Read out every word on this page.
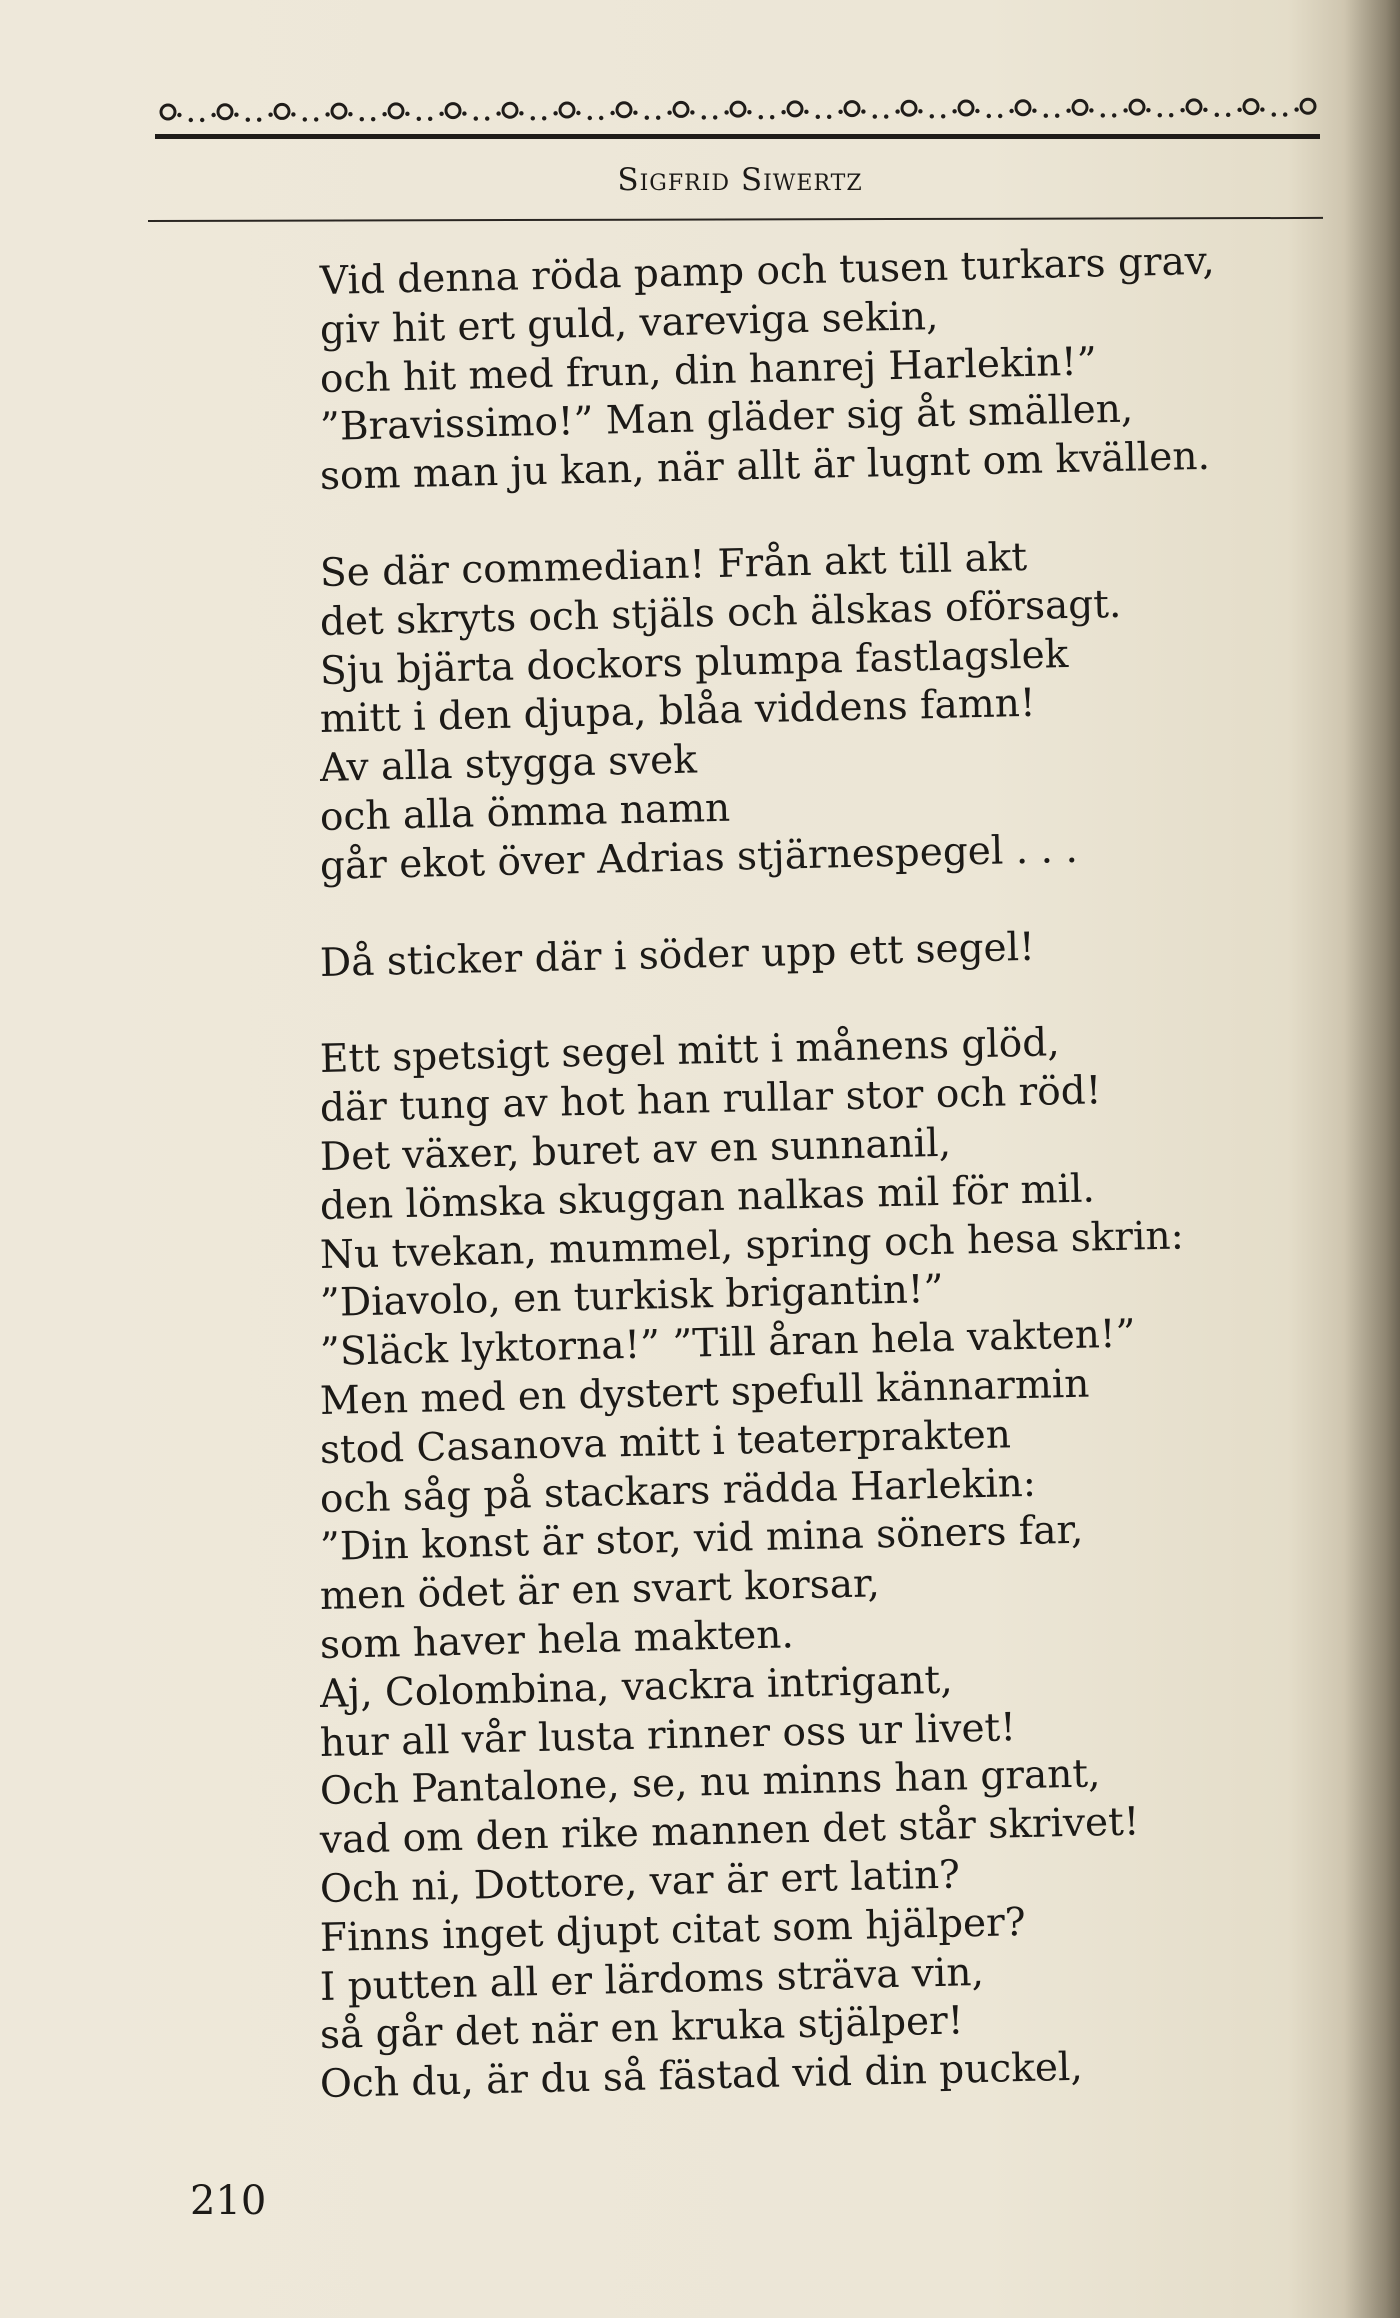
Sigfrid Siwertz
Vid denna röda pamp och tusen turkars grav,
giv hit ert guld, vareviga sekin,
och hit med frun, din hanrej Harlekin!”
”Bravissimo!” Man gläder sig åt smällen,
som man ju kan, när allt är lugnt om kvällen.
Se där commedian! Från akt till akt
det skryts och stjäls och älskas oförsagt.
Sju bjärta dockors plumpa fastlagslek
mitt i den djupa, blåa viddens famn!
Av alla stygga svek
och alla ömma namn
går ekot över Adrias stjärnespegel . . .
Då sticker där i söder upp ett segel!
Ett spetsigt segel mitt i månens glöd,
där tung av hot han rullar stor och röd!
Det växer, buret av en sunnanil,
den lömska skuggan nalkas mil för mil.
Nu tvekan, mummel, spring och hesa skrin:
”Diavolo, en turkisk brigantin!”
”Släck lyktorna!” ”Till åran hela vakten!”
Men med en dystert spefull kännarmin
stod Casanova mitt i teaterprakten
och såg på stackars rädda Harlekin:
”Din konst är stor, vid mina söners far,
men ödet är en svart korsar,
som haver hela makten.
Aj, Colombina, vackra intrigant,
hur all vår lusta rinner oss ur livet!
Och Pantalone, se, nu minns han grant,
vad om den rike mannen det står skrivet!
Och ni, Dottore, var är ert latin?
Finns inget djupt citat som hjälper?
I putten all er lärdoms sträva vin,
så går det när en kruka stjälper!
Och du, är du så fästad vid din puckel,
210
